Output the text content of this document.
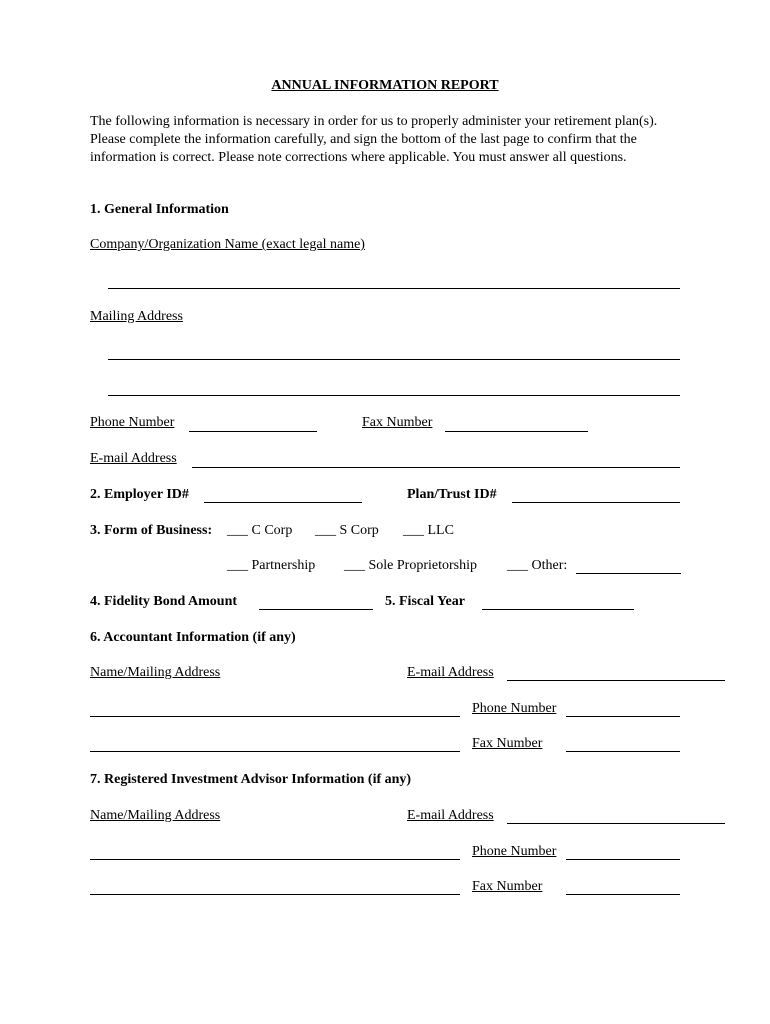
ANNUAL INFORMATION REPORT
The following information is necessary in order for us to properly administer your retirement plan(s). Please complete the information carefully, and sign the bottom of the last page to confirm that the information is correct. Please note corrections where applicable. You must answer all questions.
1. General Information
Company/Organization Name (exact legal name)
Mailing Address
Phone Number	Fax Number
E-mail Address
2. Employer ID#	Plan/Trust ID#
3. Form of Business: ___ C Corp ___ S Corp ___ LLC
___ Partnership ___ Sole Proprietorship ___ Other:
4. Fidelity Bond Amount	5. Fiscal Year
6. Accountant Information (if any)
Name/Mailing Address	E-mail Address
Phone Number
Fax Number
7. Registered Investment Advisor Information (if any)
Name/Mailing Address	E-mail Address
Phone Number
Fax Number
